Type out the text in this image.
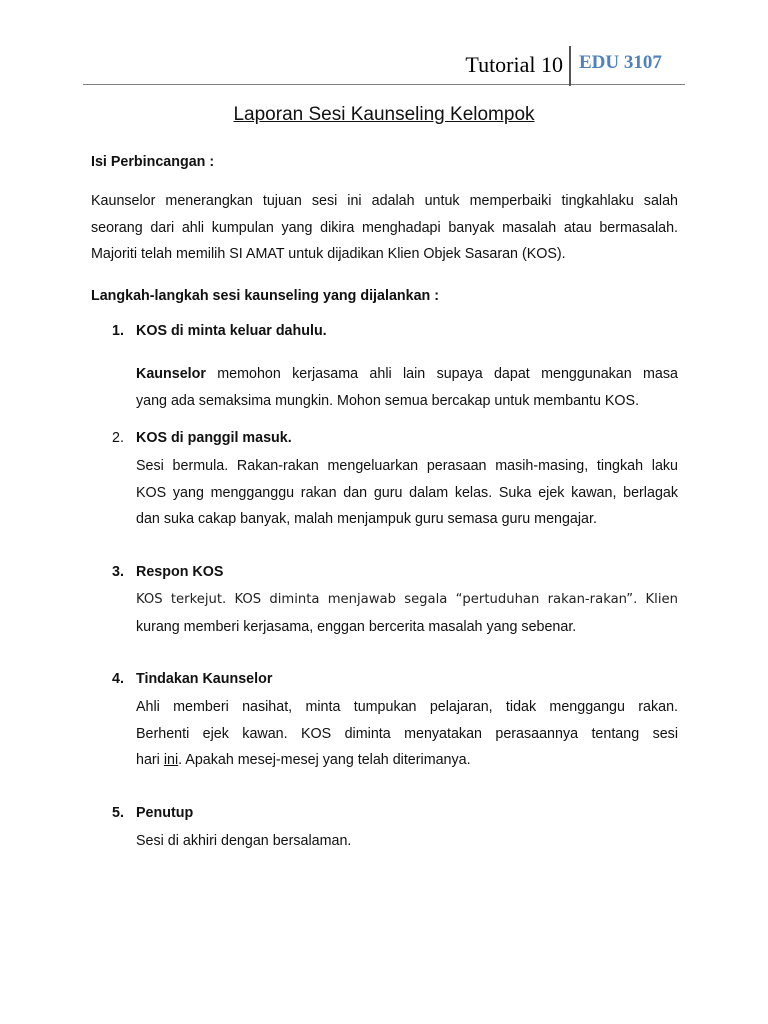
Tutorial 10 EDU 3107
Laporan Sesi Kaunseling Kelompok
Isi Perbincangan :
Kaunselor menerangkan tujuan sesi ini adalah untuk memperbaiki tingkahlaku salah
seorang dari ahli kumpulan yang dikira menghadapi banyak masalah atau bermasalah.
Majoriti telah memilih SI AMAT untuk dijadikan Klien Objek Sasaran (KOS).
Langkah-langkah sesi kaunseling yang dijalankan :
1. KOS di minta keluar dahulu.
Kaunselor memohon kerjasama ahli lain supaya dapat menggunakan masa
yang ada semaksima mungkin. Mohon semua bercakap untuk membantu KOS.
2. KOS di panggil masuk.
Sesi bermula. Rakan-rakan mengeluarkan perasaan masih-masing, tingkah laku
KOS yang mengganggu rakan dan guru dalam kelas. Suka ejek kawan, berlagak
dan suka cakap banyak, malah menjampuk guru semasa guru mengajar.
3. Respon KOS
KOS terkejut. KOS diminta menjawab segala “pertuduhan rakan-rakan”. Klien
kurang memberi kerjasama, enggan bercerita masalah yang sebenar.
4. Tindakan Kaunselor
Ahli memberi nasihat, minta tumpukan pelajaran, tidak menggangu rakan.
Berhenti ejek kawan. KOS diminta menyatakan perasaannya tentang sesi
hari ini. Apakah mesej-mesej yang telah diterimanya.
5. Penutup
Sesi di akhiri dengan bersalaman.
